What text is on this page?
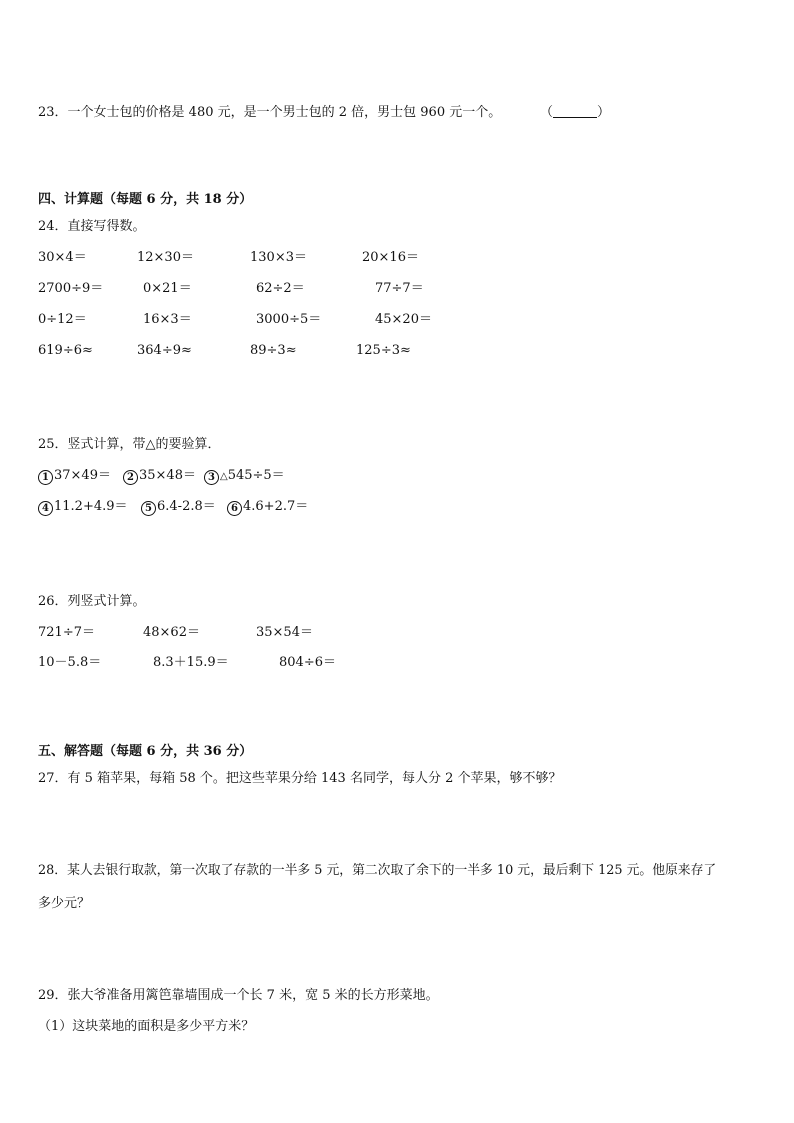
23．一个女士包的价格是 480 元，是一个男士包的 2 倍，男士包 960 元一个。	（	）
四、计算题（每题 6 分，共 18 分）
24．直接写得数。
30×4＝	12×30＝	130×3＝	20×16＝
2700÷9＝	0×21＝	62÷2＝	77÷7＝
0÷12＝	16×3＝	3000÷5＝	45×20＝
619÷6≈	364÷9≈	89÷3≈	125÷3≈
25．竖式计算，带△的要验算．
1 37×49＝	2 35×48＝	3 △545÷5＝
4 11.2+4.9＝	5 6.4-2.8＝	6 4.6+2.7＝
26．列竖式计算。
721÷7＝	48×62＝	35×54＝
10－5.8＝	8.3＋15.9＝	804÷6＝
五、解答题（每题 6 分，共 36 分）
27．有 5 箱苹果，每箱 58 个。把这些苹果分给 143 名同学，每人分 2 个苹果，够不够？
28．某人去银行取款，第一次取了存款的一半多 5 元，第二次取了余下的一半多 10 元，最后剩下 125 元。他原来存了
多少元？
29．张大爷准备用篱笆靠墙围成一个长 7 米，宽 5 米的长方形菜地。
（1）这块菜地的面积是多少平方米？
